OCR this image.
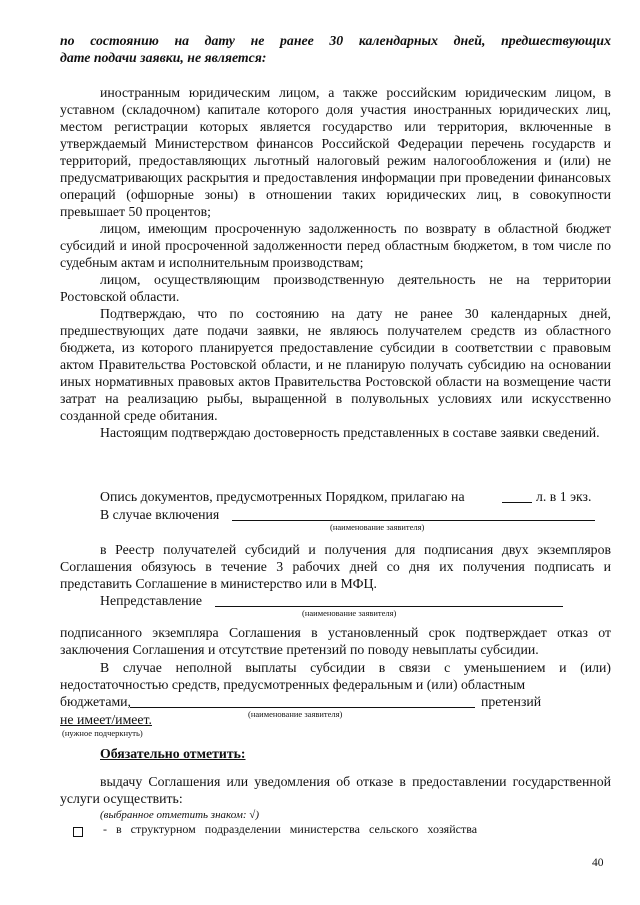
по состоянию на дату не ранее 30 календарных дней, предшествующих
дате подачи заявки, не является:

иностранным юридическим лицом, а также российским юридическим лицом, в уставном (складочном) капитале которого доля участия иностранных юридических лиц, местом регистрации которых является государство или территория, включенные в утверждаемый Министерством финансов Российской Федерации перечень государств и территорий, предоставляющих льготный налоговый режим налогообложения и (или) не предусматривающих раскрытия и предоставления информации при проведении финансовых операций (офшорные зоны) в отношении таких юридических лиц, в совокупности превышает 50 процентов;

лицом, имеющим просроченную задолженность по возврату в областной бюджет субсидий и иной просроченной задолженности перед областным бюджетом, в том числе по судебным актам и исполнительным производствам;

лицом, осуществляющим производственную деятельность не на территории Ростовской области.

Подтверждаю, что по состоянию на дату не ранее 30 календарных дней, предшествующих дате подачи заявки, не являюсь получателем средств из областного бюджета, из которого планируется предоставление субсидии в соответствии с правовым актом Правительства Ростовской области, и не планирую получать субсидию на основании иных нормативных правовых актов Правительства Ростовской области на возмещение части затрат на реализацию рыбы, выращенной в полувольных условиях или искусственно созданной среде обитания.

Настоящим подтверждаю достоверность представленных в составе заявки сведений.

Опись документов, предусмотренных Порядком, прилагаю на	л. в 1 экз.
В случае включения
(наименование заявителя)

в Реестр получателей субсидий и получения для подписания двух экземпляров Соглашения обязуюсь в течение 3 рабочих дней со дня их получения подписать и представить Соглашение в министерство или в МФЦ.

Непредставление
(наименование заявителя)

подписанного экземпляра Соглашения в установленный срок подтверждает отказ от заключения Соглашения и отсутствие претензий по поводу невыплаты субсидии.

В случае неполной выплаты субсидии в связи с уменьшением и (или) недостаточностью средств, предусмотренных федеральным и (или) областным

бюджетами,	претензий
(наименование заявителя)
не имеет/имеет.
(нужное подчеркнуть)
Обязательно отметить:

выдачу Соглашения или уведомления об отказе в предоставлении государственной услуги осуществить:

(выбранное отметить знаком: √)
-   в   структурном   подразделении   министерства   сельского   хозяйства
40
